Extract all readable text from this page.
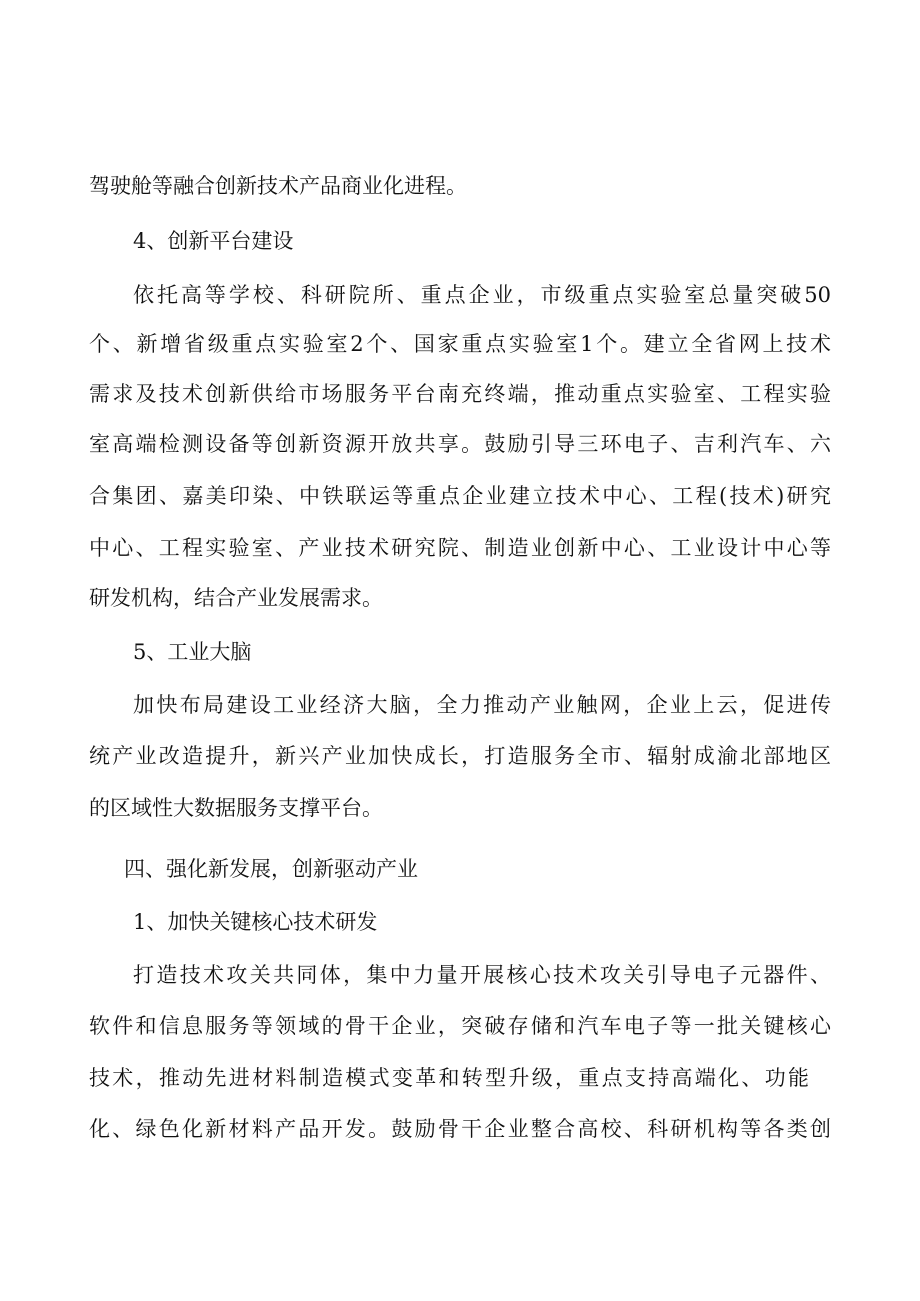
驾驶舱等融合创新技术产品商业化进程。
4、创新平台建设
依托高等学校、科研院所、重点企业，市级重点实验室总量突破50
个、新增省级重点实验室2个、国家重点实验室1个。建立全省网上技术
需求及技术创新供给市场服务平台南充终端，推动重点实验室、工程实验
室高端检测设备等创新资源开放共享。鼓励引导三环电子、吉利汽车、六
合集团、嘉美印染、中铁联运等重点企业建立技术中心、工程(技术)研究
中心、工程实验室、产业技术研究院、制造业创新中心、工业设计中心等
研发机构，结合产业发展需求。
5、工业大脑
加快布局建设工业经济大脑，全力推动产业触网，企业上云，促进传
统产业改造提升，新兴产业加快成长，打造服务全市、辐射成渝北部地区
的区域性大数据服务支撑平台。
四、强化新发展，创新驱动产业
1、加快关键核心技术研发
打造技术攻关共同体，集中力量开展核心技术攻关引导电子元器件、
软件和信息服务等领域的骨干企业，突破存储和汽车电子等一批关键核心
技术，推动先进材料制造模式变革和转型升级，重点支持高端化、功能
化、绿色化新材料产品开发。鼓励骨干企业整合高校、科研机构等各类创
